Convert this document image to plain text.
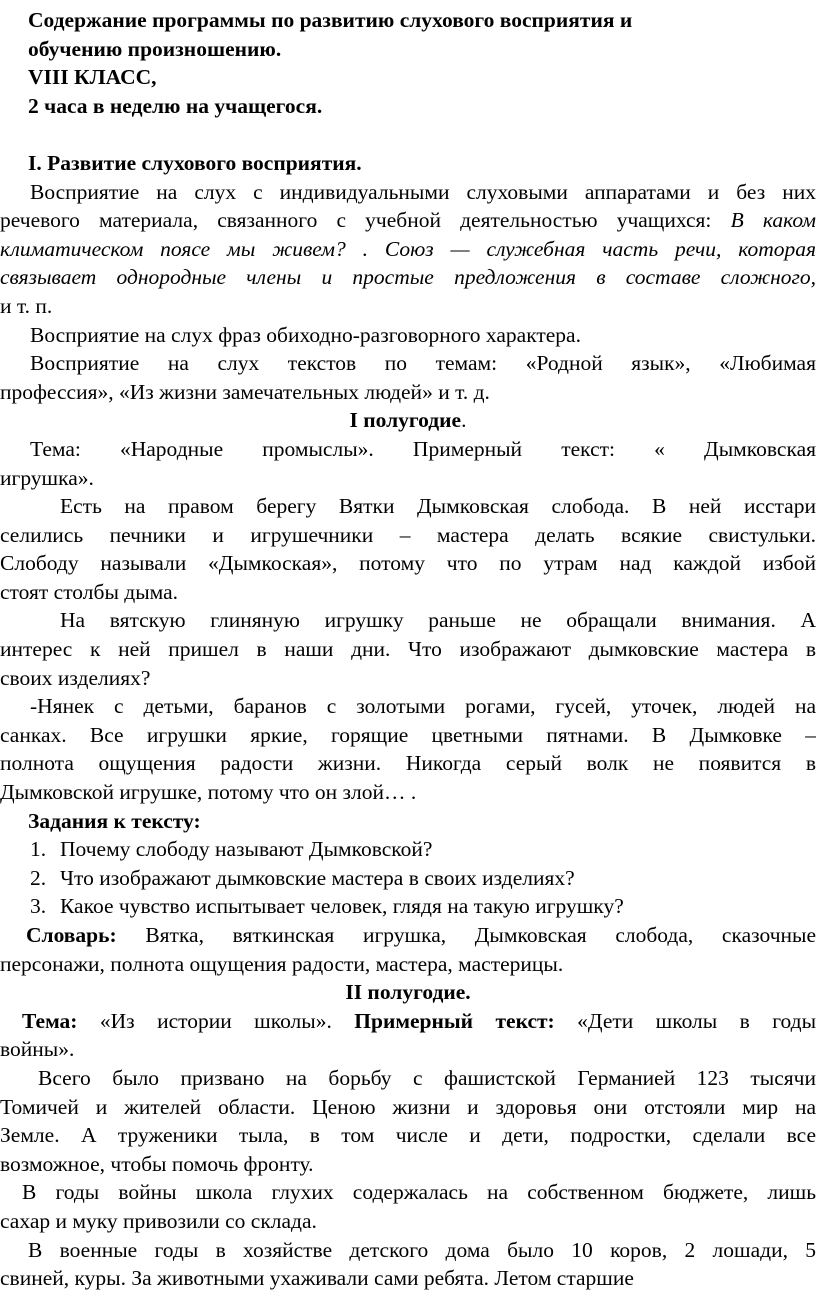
Содержание программы по развитию слухового восприятия и
обучению произношению.
VIII КЛАСС,
2 часа в неделю на учащегося.
I. Развитие слухового восприятия.
Восприятие на слух с индивидуальными слуховыми аппаратами и без них
речевого материала, связанного с учебной деятельностью учащихся: В каком
климатическом поясе мы живем? . Союз — служебная часть речи, которая
связывает однородные члены и простые предложения в составе сложного,
и т. п.
Восприятие на слух фраз обиходно-разговорного характера.
Восприятие на слух текстов по темам: «Родной язык», «Любимая
профессия», «Из жизни замечательных людей» и т. д.
I полугодие.
Тема: «Народные промыслы». Примерный текст: « Дымковская
игрушка».
Есть на правом берегу Вятки Дымковская слобода. В ней исстари
селились печники и игрушечники – мастера делать всякие свистульки.
Слободу называли «Дымкоская», потому что по утрам над каждой избой
стоят столбы дыма.
На вятскую глиняную игрушку раньше не обращали внимания. А
интерес к ней пришел в наши дни. Что изображают дымковские мастера в
своих изделиях?
-Нянек с детьми, баранов с золотыми рогами, гусей, уточек, людей на
санках. Все игрушки яркие, горящие цветными пятнами. В Дымковке –
полнота ощущения радости жизни. Никогда серый волк не появится в
Дымковской игрушке, потому что он злой… .
Задания к тексту:
1. Почему слободу называют Дымковской?
2. Что изображают дымковские мастера в своих изделиях?
3. Какое чувство испытывает человек, глядя на такую игрушку?
Словарь: Вятка, вяткинская игрушка, Дымковская слобода, сказочные
персонажи, полнота ощущения радости, мастера, мастерицы.
II полугодие.
Тема: «Из истории школы». Примерный текст: «Дети школы в годы
войны».
Всего было призвано на борьбу с фашистской Германией 123 тысячи
Томичей и жителей области. Ценою жизни и здоровья они отстояли мир на
Земле. А труженики тыла, в том числе и дети, подростки, сделали все
возможное, чтобы помочь фронту.
В годы войны школа глухих содержалась на собственном бюджете, лишь
сахар и муку привозили со склада.
В военные годы в хозяйстве детского дома было 10 коров, 2 лошади, 5
свиней, куры. За животными ухаживали сами ребята. Летом старшие
